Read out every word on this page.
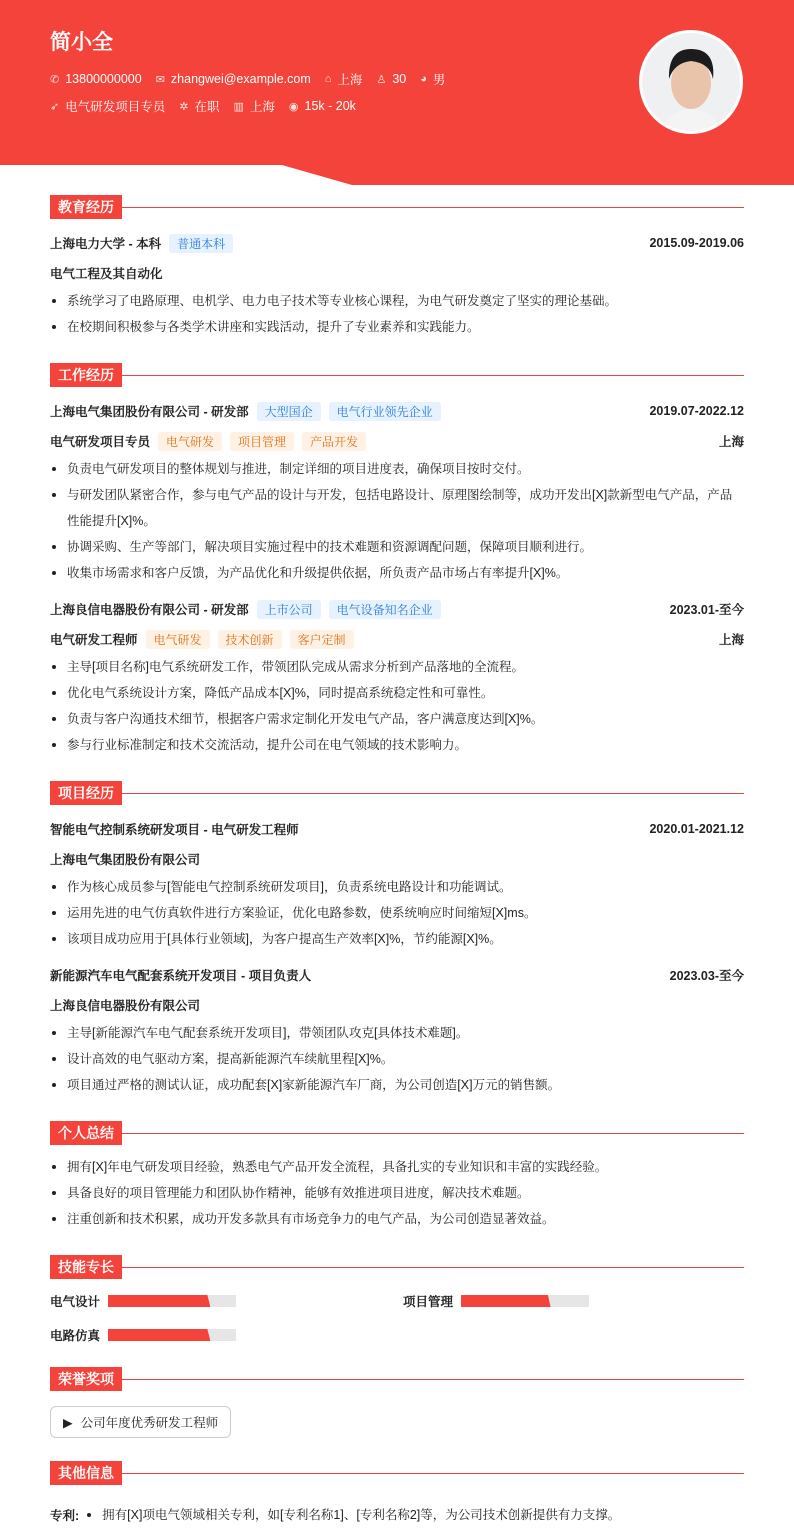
简小全
✆ 13800000000 ✉ zhangwei@example.com ⌂ 上海 ♙ 30 ◕ 男
➶ 电气研发项目专员 ✲ 在职 ▥ 上海 ◉ 15k - 20k
教育经历
上海电力大学 - 本科	普通本科	2015.09-2019.06
电气工程及其自动化
系统学习了电路原理、电机学、电力电子技术等专业核心课程，为电气研发奠定了坚实的理论基础。
在校期间积极参与各类学术讲座和实践活动，提升了专业素养和实践能力。
工作经历
上海电气集团股份有限公司 - 研发部	大型国企	电气行业领先企业	2019.07-2022.12
电气研发项目专员	电气研发	项目管理	产品开发	上海
负责电气研发项目的整体规划与推进，制定详细的项目进度表，确保项目按时交付。
与研发团队紧密合作，参与电气产品的设计与开发，包括电路设计、原理图绘制等，成功开发出[X]款新型电气产品，产品性能提升[X]%。
协调采购、生产等部门，解决项目实施过程中的技术难题和资源调配问题，保障项目顺利进行。
收集市场需求和客户反馈，为产品优化和升级提供依据，所负责产品市场占有率提升[X]%。
上海良信电器股份有限公司 - 研发部	上市公司	电气设备知名企业	2023.01-至今
电气研发工程师	电气研发	技术创新	客户定制	上海
主导[项目名称]电气系统研发工作，带领团队完成从需求分析到产品落地的全流程。
优化电气系统设计方案，降低产品成本[X]%，同时提高系统稳定性和可靠性。
负责与客户沟通技术细节，根据客户需求定制化开发电气产品，客户满意度达到[X]%。
参与行业标准制定和技术交流活动，提升公司在电气领域的技术影响力。
项目经历
智能电气控制系统研发项目 - 电气研发工程师	2020.01-2021.12
上海电气集团股份有限公司
作为核心成员参与[智能电气控制系统研发项目]，负责系统电路设计和功能调试。
运用先进的电气仿真软件进行方案验证，优化电路参数，使系统响应时间缩短[X]ms。
该项目成功应用于[具体行业领域]，为客户提高生产效率[X]%，节约能源[X]%。
新能源汽车电气配套系统开发项目 - 项目负责人	2023.03-至今
上海良信电器股份有限公司
主导[新能源汽车电气配套系统开发项目]，带领团队攻克[具体技术难题]。
设计高效的电气驱动方案，提高新能源汽车续航里程[X]%。
项目通过严格的测试认证，成功配套[X]家新能源汽车厂商，为公司创造[X]万元的销售额。
个人总结
拥有[X]年电气研发项目经验，熟悉电气产品开发全流程，具备扎实的专业知识和丰富的实践经验。
具备良好的项目管理能力和团队协作精神，能够有效推进项目进度，解决技术难题。
注重创新和技术积累，成功开发多款具有市场竞争力的电气产品，为公司创造显著效益。
技能专长
电气设计	项目管理
电路仿真
荣誉奖项
▶ 公司年度优秀研发工程师
其他信息
专利:	拥有[X]项电气领域相关专利，如[专利名称1]、[专利名称2]等，为公司技术创新提供有力支撑。
